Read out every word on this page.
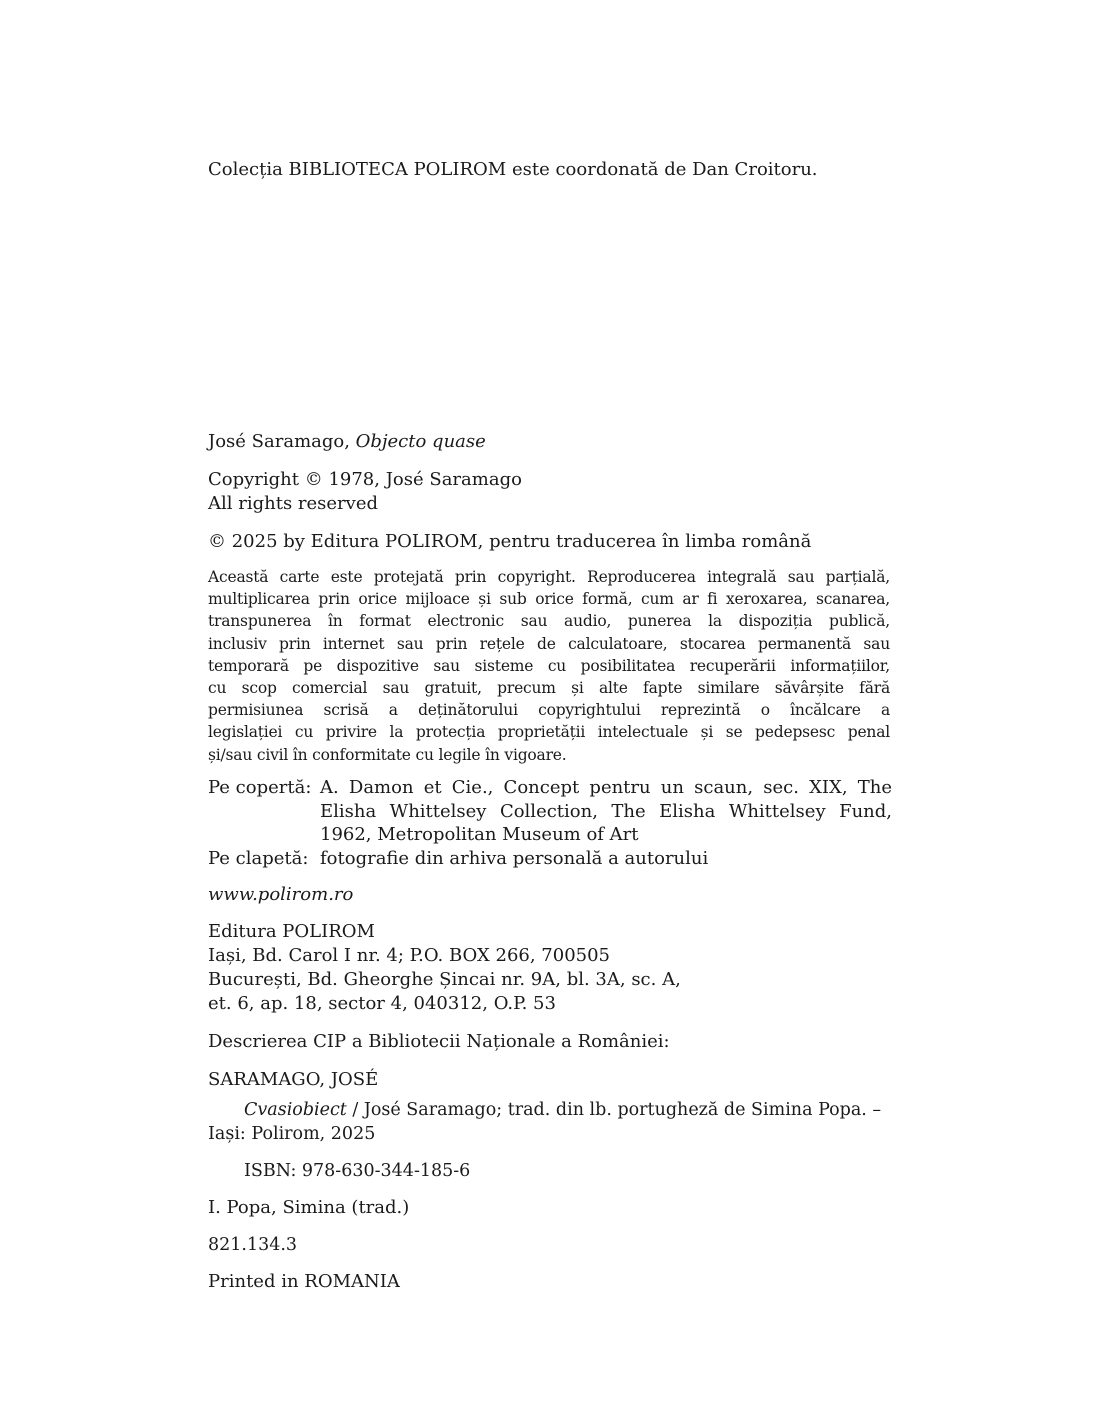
Colecția BIBLIOTECA POLIROM este coordonată de Dan Croitoru.
José Saramago, Objecto quase
Copyright © 1978, José Saramago
All rights reserved
© 2025 by Editura POLIROM, pentru traducerea în limba română
Această carte este protejată prin copyright. Reproducerea integrală sau parțială,
multiplicarea prin orice mijloace și sub orice formă, cum ar fi xeroxarea, scanarea,
transpunerea în format electronic sau audio, punerea la dispoziția publică,
inclusiv prin internet sau prin rețele de calculatoare, stocarea permanentă sau
temporară pe dispozitive sau sisteme cu posibilitatea recuperării informațiilor,
cu scop comercial sau gratuit, precum și alte fapte similare săvârșite fără
permisiunea scrisă a deținătorului copyrightului reprezintă o încălcare a
legislației cu privire la protecția proprietății intelectuale și se pedepsesc penal
și/sau civil în conformitate cu legile în vigoare.
Pe copertă: A. Damon et Cie., Concept pentru un scaun, sec. XIX, The
Elisha Whittelsey Collection, The Elisha Whittelsey Fund,
1962, Metropolitan Museum of Art
Pe clapetă: fotografie din arhiva personală a autorului
www.polirom.ro
Editura POLIROM
Iași, Bd. Carol I nr. 4; P.O. BOX 266, 700505
București, Bd. Gheorghe Șincai nr. 9A, bl. 3A, sc. A,
et. 6, ap. 18, sector 4, 040312, O.P. 53
Descrierea CIP a Bibliotecii Naționale a României:
SARAMAGO, JOSÉ
Cvasiobiect / José Saramago; trad. din lb. portugheză de Simina Popa. –
Iași: Polirom, 2025
ISBN: 978-630-344-185-6
I. Popa, Simina (trad.)
821.134.3
Printed in ROMANIA
